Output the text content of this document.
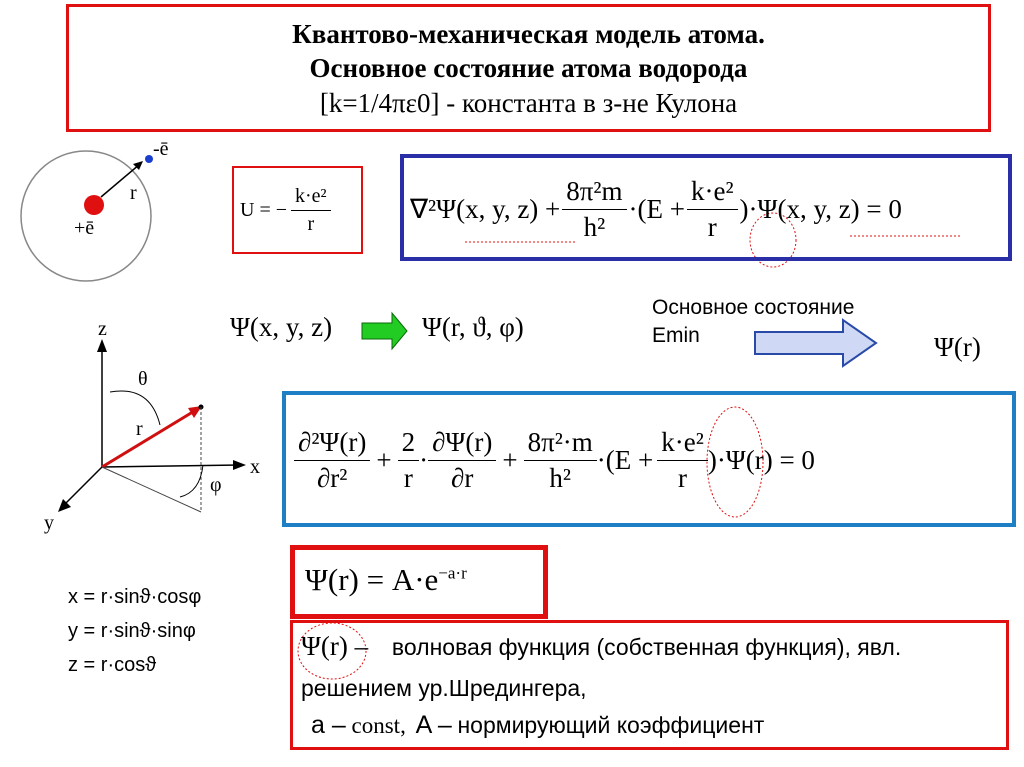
Квантово-механическая модель атома.
Основное состояние атома водорода
[k=1/4πε0] - константа в з-не Кулона
-ē
+ē
r
U = − $\frac{\text{k·e²}}{r}$	∇²Ψ(x, y, $z) + \frac{\text{8π²m}}{\text{h²}} \cdot(E + \frac{\text{k·e²}}{r} )\cdot\Psi(x$, y, z) = 0
Ψ(x, y, z)	Ψ(r, ϑ, φ)
Основное состояние
Emin	Ψ(r)
z
x
y
θ
φ
r	$\frac{\text{∂²Ψ(r)}}{\text{∂r²}} + \frac{2}{r} \cdot \frac{\partial\Psi(r)}{\partial r} + \frac{\text{8π²·m}}{\text{h²}} \cdot(E + \frac{\text{k·e²}}{r} )\cdot\Psi(r) = 0$
$\Psi(r) = A\cdot e^{-a\cdot r}$
x = r·sinϑ·cosφ
y = r·sinϑ·sinφ
z = r·cosϑ
Ψ(r) – волновая функция (собственная функция), явл.
решением ур.Шредингера,
a – const, A – нормирующий коэффициент
